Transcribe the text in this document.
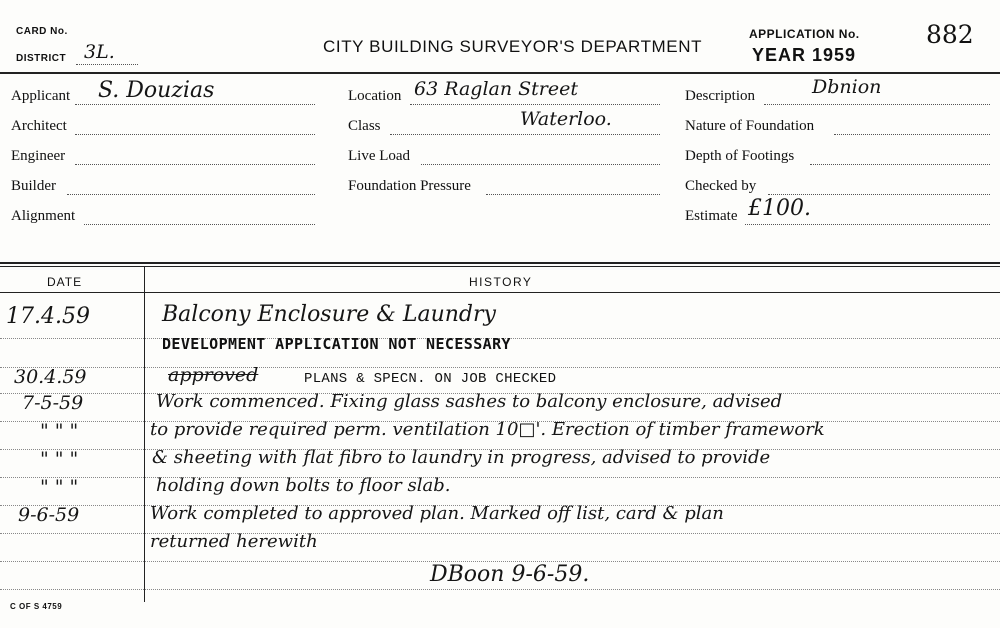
CARD No.
DISTRICT 3L.	CITY BUILDING SURVEYOR'S DEPARTMENT
APPLICATION No.
YEAR 1959
882
Applicant S. Douzias
Architect
Engineer
Builder
Alignment
Location 63 Raglan Street
Class	Waterloo.
Live Load
Foundation Pressure
Description	Dbnion
Nature of Foundation
Depth of Footings
Checked by
Estimate £100.
DATE	HISTORY
17.4.59	Balcony Enclosure & Laundry
DEVELOPMENT APPLICATION NOT NECESSARY
30.4.59	approved	PLANS & SPECN. ON JOB CHECKED
7-5-59	Work commenced. Fixing glass sashes to balcony enclosure, advised
" " "	to provide required perm. ventilation 10□'. Erection of timber framework
" " "	& sheeting with flat fibro to laundry in progress, advised to provide
" " "	holding down bolts to floor slab.
9-6-59	Work completed to approved plan. Marked off list, card & plan
returned herewith
DBoon 9-6-59.
C OF S 4759
